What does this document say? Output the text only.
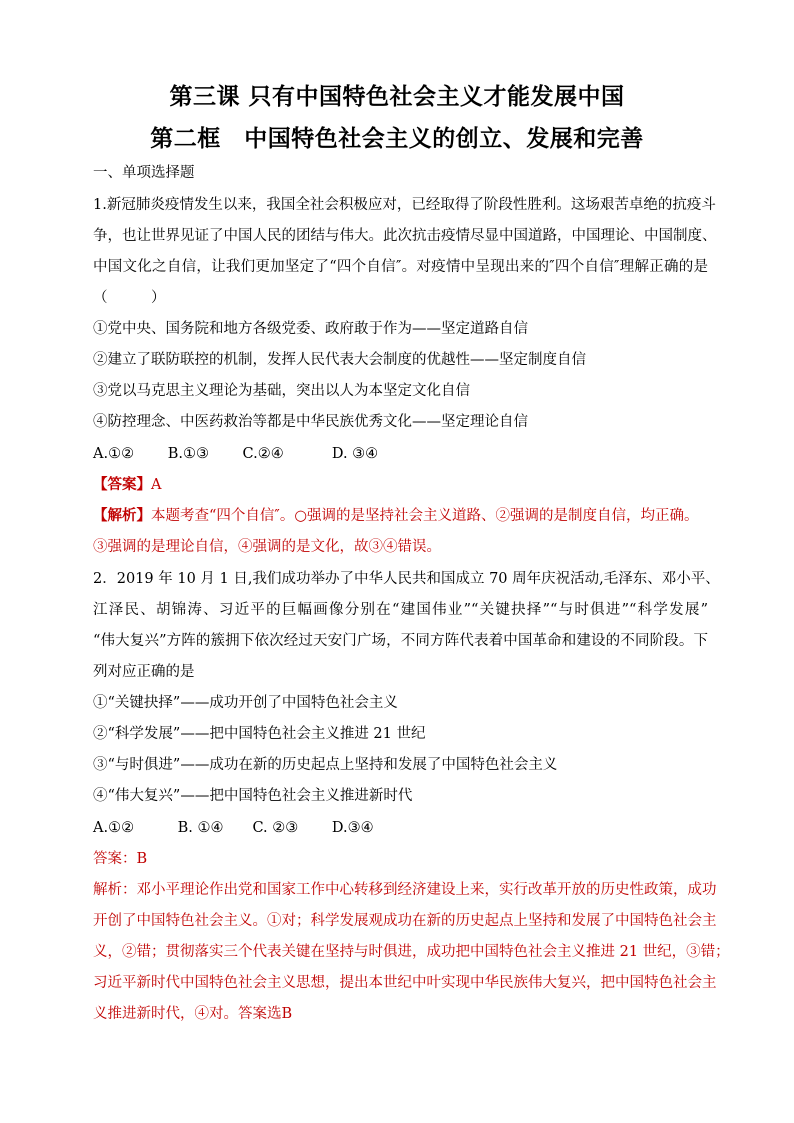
第三课 只有中国特色社会主义才能发展中国
第二框　中国特色社会主义的创立、发展和完善
一、单项选择题
1.新冠肺炎疫情发生以来，我国全社会积极应对，已经取得了阶段性胜利。这场艰苦卓绝的抗疫斗
争，也让世界见证了中国人民的团结与伟大。此次抗击疫情尽显中国道路，中国理论、中国制度、
中国文化之自信，让我们更加坚定了“四个自信″。对疫情中呈现出来的″四个自信″理解正确的是
（　　　）
①党中央、国务院和地方各级党委、政府敢于作为——坚定道路自信
②建立了联防联控的机制，发挥人民代表大会制度的优越性——坚定制度自信
③党以马克思主义理论为基础，突出以人为本坚定文化自信
④防控理念、中医药救治等都是中华民族优秀文化——坚定理论自信
A.①②　　 B.①③　　 C.②④　　　 D. ③④
【答案】A
【解析】本题考查“四个自信″。○强调的是坚持社会主义道路、②强调的是制度自信，均正确。
③强调的是理论自信，④强调的是文化，故③④错误。
2．2019 年 10 月 1 日,我们成功举办了中华人民共和国成立 70 周年庆祝活动,毛泽东、邓小平、
江泽民、胡锦涛、习近平的巨幅画像分别在“建国伟业”“关键抉择”“与时俱进”“科学发展”
“伟大复兴”方阵的簇拥下依次经过天安门广场，不同方阵代表着中国革命和建设的不同阶段。下
列对应正确的是
①“关键抉择”——成功开创了中国特色社会主义
②“科学发展”——把中国特色社会主义推进 21 世纪
③“与时俱进”——成功在新的历史起点上坚持和发展了中国特色社会主义
④“伟大复兴”——把中国特色社会主义推进新时代
A.①②　　　B. ①④　　C. ②③　　 D.③④
答案：B
解析：邓小平理论作出党和国家工作中心转移到经济建设上来，实行改革开放的历史性政策，成功
开创了中国特色社会主义。①对；科学发展观成功在新的历史起点上坚持和发展了中国特色社会主
义，②错；贯彻落实三个代表关键在坚持与时俱进，成功把中国特色社会主义推进 21 世纪，③错；
习近平新时代中国特色社会主义思想，提出本世纪中叶实现中华民族伟大复兴，把中国特色社会主
义推进新时代，④对。答案选B
